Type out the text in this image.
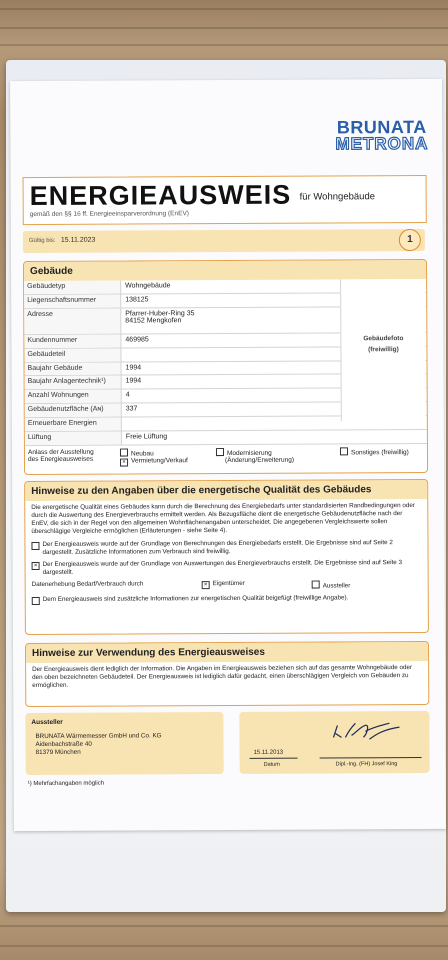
BRUNATA
METRONA
ENERGIEAUSWEIS für Wohngebäude
gemäß den §§ 16 ff. Energieeinsparverordnung (EnEV)
Gültig bis: 15.11.2023	1
Gebäude
Gebäudetyp	Wohngebäude
Liegenschaftsnummer	138125
Adresse	Pfarrer-Huber-Ring 35
84152 Mengkofen
Kundennummer	469985
Gebäudeteil
Baujahr Gebäude	1994
Baujahr Anlagentechnik¹)	1994
Anzahl Wohnungen	4
Gebäudenutzfläche (Aɴ)	337
Erneuerbare Energien
Lüftung	Freie Lüftung
Gebäudefoto
(freiwillig)
Anlass der Ausstellung
des Energieausweises
Neubau
× Vermietung/Verkauf
Modernisierung
(Änderung/Erweiterung)
Sonstiges (freiwillig)
Hinweise zu den Angaben über die energetische Qualität des Gebäudes
Die energetische Qualität eines Gebäudes kann durch die Berechnung des Energiebedarfs unter standardisierten Randbedingungen oder durch die Auswertung des Energieverbrauchs ermittelt werden. Als Bezugsfläche dient die energetische Gebäudenutzfläche nach der EnEV, die sich in der Regel von den allgemeinen Wohnflächenangaben unterscheidet. Die angegebenen Vergleichswerte sollen überschlägige Vergleiche ermöglichen (Erläuterungen - siehe Seite 4).
Der Energieausweis wurde auf der Grundlage von Berechnungen des Energiebedarfs erstellt. Die Ergebnisse sind auf Seite 2 dargestellt. Zusätzliche Informationen zum Verbrauch sind freiwillig.
× Der Energieausweis wurde auf der Grundlage von Auswertungen des Energieverbrauchs erstellt. Die Ergebnisse sind auf Seite 3 dargestellt.
Datenerhebung Bedarf/Verbrauch durch	× Eigentümer	Aussteller
Dem Energieausweis sind zusätzliche Informationen zur energetischen Qualität beigefügt (freiwillige Angabe).
Hinweise zur Verwendung des Energieausweises
Der Energieausweis dient lediglich der Information. Die Angaben im Energieausweis beziehen sich auf das gesamte Wohngebäude oder den oben bezeichneten Gebäudeteil. Der Energieausweis ist lediglich dafür gedacht, einen überschlägigen Vergleich von Gebäuden zu ermöglichen.
Aussteller
BRUNATA Wärmemesser GmbH und Co. KG
Aidenbachstraße 40
81379 München	15.11.2013
Datum	Dipl.-Ing. (FH) Josef King
¹) Mehrfachangaben möglich
